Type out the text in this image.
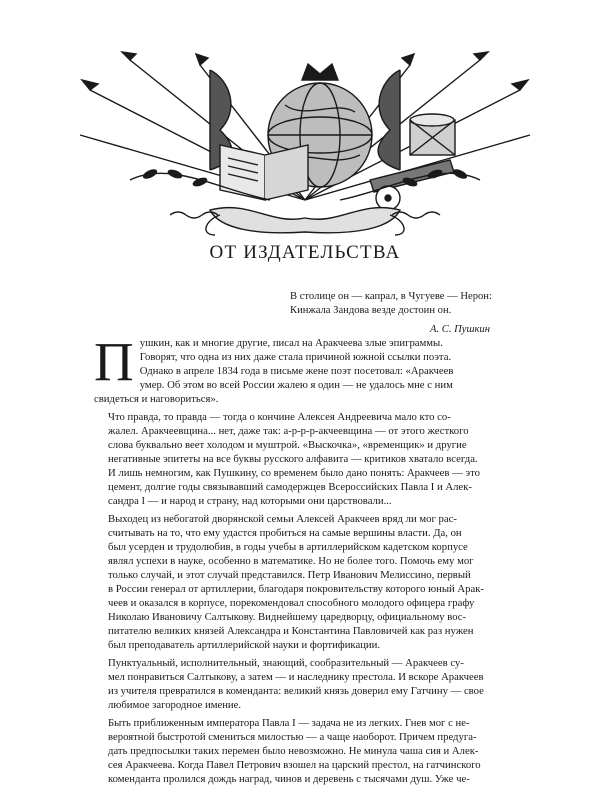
ОТ ИЗДАТЕЛЬСТВА
В столице он — капрал, в Чугуеве — Нерон:
Кинжала Зандова везде достоин он.
А. С. Пушкин

П ушкин, как и многие другие, писал на Аракчеева злые эпиграммы.
Говорят, что одна из них даже стала причиной южной ссылки поэта.
Однако в апреле 1834 года в письме жене поэт посетовал: «Аракчеев
умер. Об этом во всей России жалею я один — не удалось мне с ним
свидеться и наговориться».

Что правда, то правда — тогда о кончине Алексея Андреевича мало кто со-
жалел. Аракчеевщина... нет, даже так: а-р-р-р-акчеевщина — от этого жесткого
слова буквально веет холодом и муштрой. «Выскочка», «временщик» и другие
негативные эпитеты на все буквы русского алфавита — критиков хватало всегда.
И лишь немногим, как Пушкину, со временем было дано понять: Аракчеев — это
цемент, долгие годы связывавший самодержцев Всероссийских Павла I и Алек-
сандра I — и народ и страну, над которыми они царствовали...

Выходец из небогатой дворянской семьи Алексей Аракчеев вряд ли мог рас-
считывать на то, что ему удастся пробиться на самые вершины власти. Да, он
был усерден и трудолюбив, в годы учебы в артиллерийском кадетском корпусе
являл успехи в науке, особенно в математике. Но не более того. Помочь ему мог
только случай, и этот случай представился. Петр Иванович Мелиссино, первый
в России генерал от артиллерии, благодаря покровительству которого юный Арак-
чеев и оказался в корпусе, порекомендовал способного молодого офицера графу
Николаю Ивановичу Салтыкову. Виднейшему царедворцу, официальному вос-
питателю великих князей Александра и Константина Павловичей как раз нужен
был преподаватель артиллерийской науки и фортификации.

Пунктуальный, исполнительный, знающий, сообразительный — Аракчеев су-
мел понравиться Салтыкову, а затем — и наследнику престола. И вскоре Аракчеев
из учителя превратился в коменданта: великий князь доверил ему Гатчину — свое
любимое загородное имение.

Быть приближенным императора Павла I — задача не из легких. Гнев мог с не-
вероятной быстротой смениться милостью — а чаще наоборот. Причем предуга-
дать предпосылки таких перемен было невозможно. Не минула чаша сия и Алек-
сея Аракчеева. Когда Павел Петрович взошел на царский престол, на гатчинского
коменданта пролился дождь наград, чинов и деревень с тысячами душ. Уже че-
